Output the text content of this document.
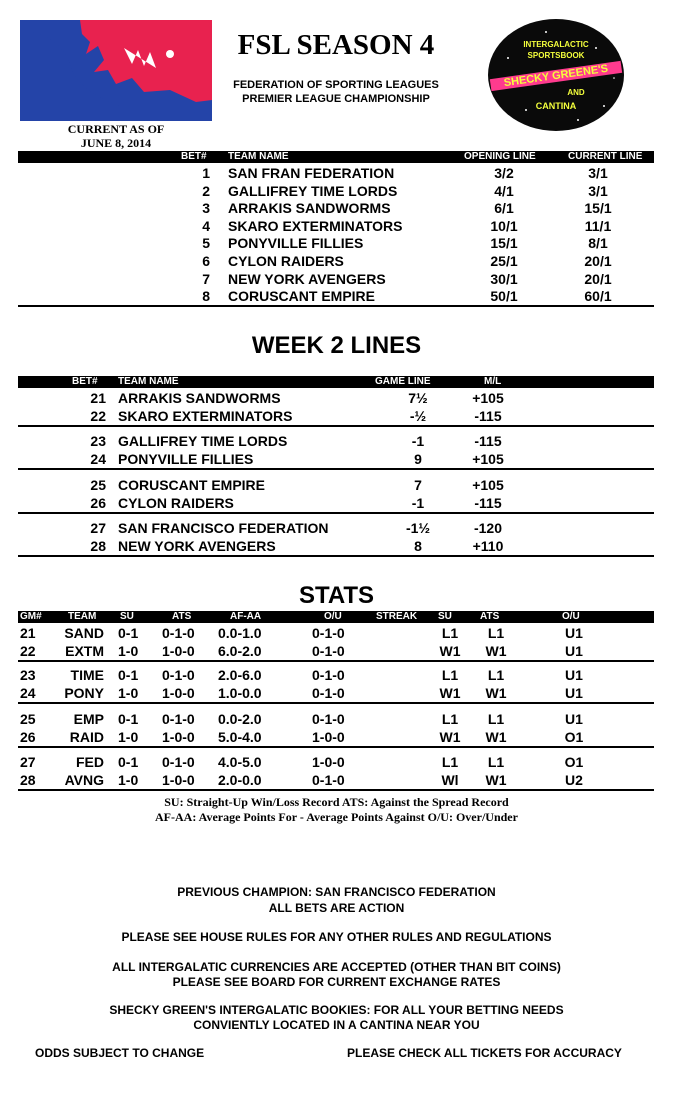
FSL SEASON 4
FEDERATION OF SPORTING LEAGUES
PREMIER LEAGUE CHAMPIONSHIP
CURRENT AS OF
JUNE 8, 2014
INTERGALACTIC
SPORTSBOOK
SHECKY GREENE'S
AND
CANTINA
BET# TEAM NAME	OPENING LINE	CURRENT LINE
1 SAN FRAN FEDERATION	3/2	3/1
2 GALLIFREY TIME LORDS	4/1	3/1
3 ARRAKIS SANDWORMS	6/1	15/1
4 SKARO EXTERMINATORS	10/1	11/1
5 PONYVILLE FILLIES	15/1	8/1
6 CYLON RAIDERS	25/1	20/1
7 NEW YORK AVENGERS	30/1	20/1
8 CORUSCANT EMPIRE	50/1	60/1
WEEK 2 LINES
BET# TEAM NAME	GAME LINE	M/L
21 ARRAKIS SANDWORMS	7½	+105
22 SKARO EXTERMINATORS	-½	-115
23 GALLIFREY TIME LORDS	-1	-115
24 PONYVILLE FILLIES	9	+105
25 CORUSCANT EMPIRE	7	+105
26 CYLON RAIDERS	-1	-115
27 SAN FRANCISCO FEDERATION	-1½	-120
28 NEW YORK AVENGERS	8	+110
STATS
GM#	TEAM SU	ATS	AF-AA	O/U	STREAK SU	ATS	O/U
21	SAND 0-1 0-1-0 0.0-1.0	0-1-0	L1	L1	U1
22	EXTM 1-0 1-0-0 6.0-2.0	0-1-0	W1	W1	U1
23	TIME 0-1 0-1-0 2.0-6.0	0-1-0	L1	L1	U1
24	PONY 1-0 1-0-0 1.0-0.0	0-1-0	W1	W1	U1
25	EMP 0-1 0-1-0 0.0-2.0	0-1-0	L1	L1	U1
26	RAID 1-0 1-0-0 5.0-4.0	1-0-0	W1	W1	O1
27	FED 0-1 0-1-0 4.0-5.0	1-0-0	L1	L1	O1
28	AVNG 1-0 1-0-0 2.0-0.0	0-1-0	Wl	W1	U2
SU: Straight-Up Win/Loss Record ATS: Against the Spread Record
AF-AA: Average Points For - Average Points Against O/U: Over/Under
PREVIOUS CHAMPION: SAN FRANCISCO FEDERATION
ALL BETS ARE ACTION
PLEASE SEE HOUSE RULES FOR ANY OTHER RULES AND REGULATIONS
ALL INTERGALATIC CURRENCIES ARE ACCEPTED (OTHER THAN BIT COINS)
PLEASE SEE BOARD FOR CURRENT EXCHANGE RATES
SHECKY GREEN'S INTERGALATIC BOOKIES: FOR ALL YOUR BETTING NEEDS
CONVIENTLY LOCATED IN A CANTINA NEAR YOU
ODDS SUBJECT TO CHANGE	PLEASE CHECK ALL TICKETS FOR ACCURACY
